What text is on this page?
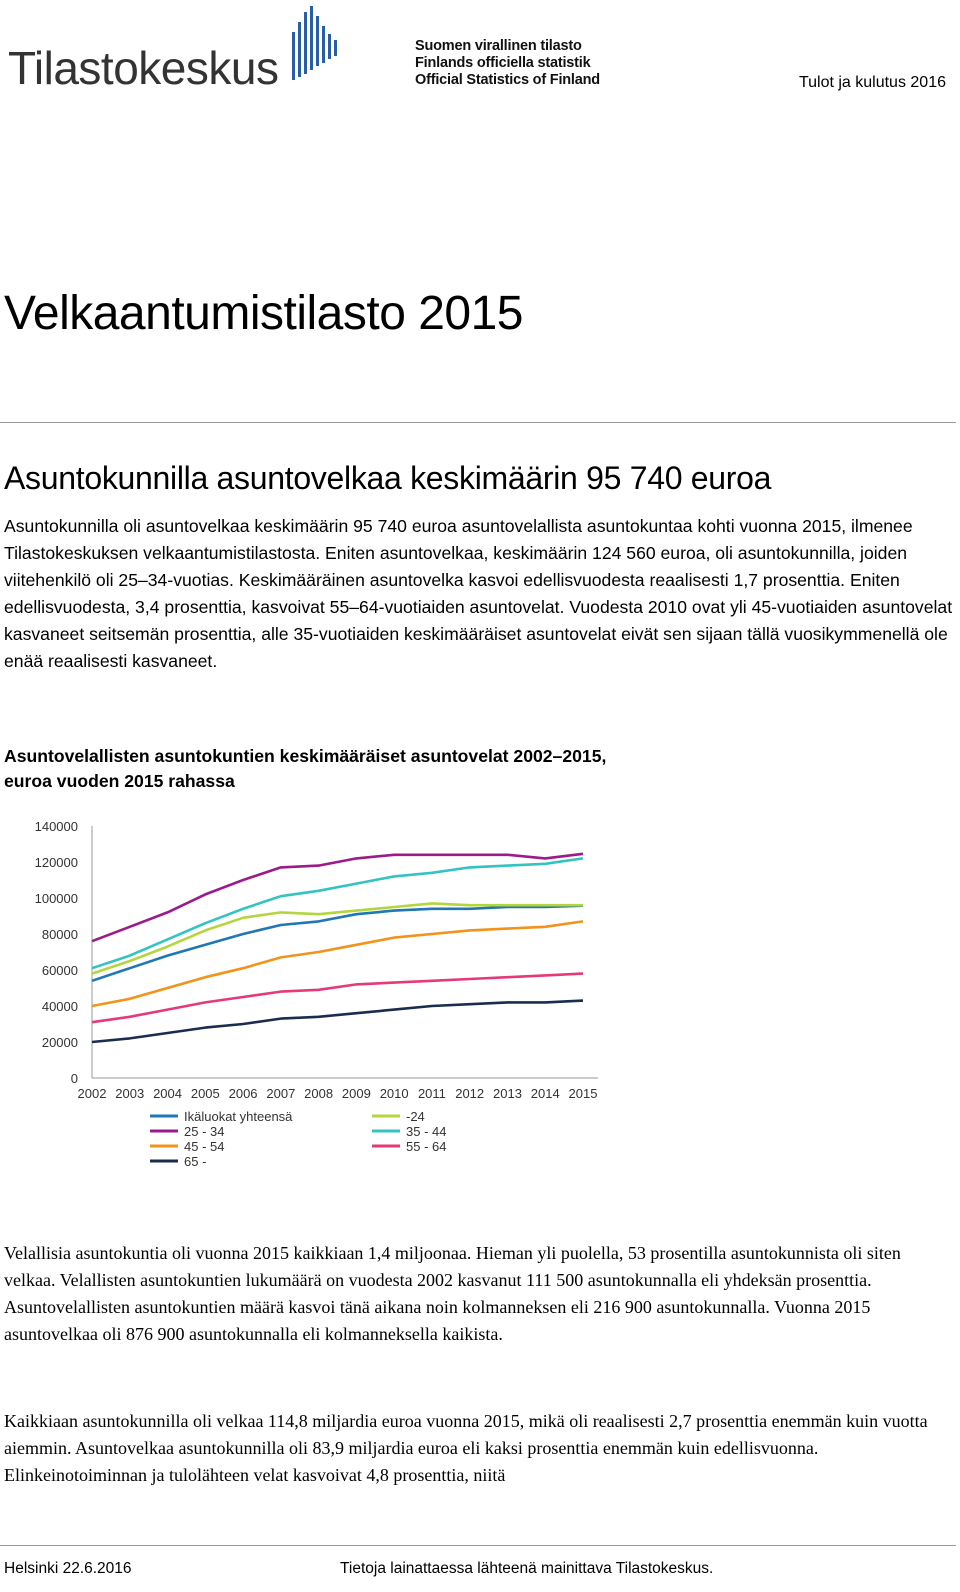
Tilastokeskus	Suomen virallinen tilasto
Finlands officiella statistik
Official Statistics of Finland	Tulot ja kulutus 2016
Velkaantumistilasto 2015
Asuntokunnilla asuntovelkaa keskimäärin 95 740 euroa

Asuntokunnilla oli asuntovelkaa keskimäärin 95 740 euroa asuntovelallista asuntokuntaa kohti vuonna 2015, ilmenee Tilastokeskuksen velkaantumistilastosta. Eniten asuntovelkaa, keskimäärin 124 560 euroa, oli asuntokunnilla, joiden viitehenkilö oli 25–34-vuotias. Keskimääräinen asuntovelka kasvoi edellisvuodesta reaalisesti 1,7 prosenttia. Eniten edellisvuodesta, 3,4 prosenttia, kasvoivat 55–64-vuotiaiden asuntovelat. Vuodesta 2010 ovat yli 45-vuotiaiden asuntovelat kasvaneet seitsemän prosenttia, alle 35-vuotiaiden keskimääräiset asuntovelat eivät sen sijaan tällä vuosikymmenellä ole enää reaalisesti kasvaneet.

Asuntovelallisten asuntokuntien keskimääräiset asuntovelat 2002–2015, euroa vuoden 2015 rahassa

0
20000
40000
60000
80000
100000
120000
140000
2002 2003 2004 2005 2006 2007 2008 2009 2010 2011 2012 2013 2014 2015
Ikäluokat yhteensä	-24
25 - 34	35 - 44
45 - 54	55 - 64
65 -

Velallisia asuntokuntia oli vuonna 2015 kaikkiaan 1,4 miljoonaa. Hieman yli puolella, 53 prosentilla asuntokunnista oli siten velkaa. Velallisten asuntokuntien lukumäärä on vuodesta 2002 kasvanut 111 500 asuntokunnalla eli yhdeksän prosenttia. Asuntovelallisten asuntokuntien määrä kasvoi tänä aikana noin kolmanneksen eli 216 900 asuntokunnalla. Vuonna 2015 asuntovelkaa oli 876 900 asuntokunnalla eli kolmanneksella kaikista.

Kaikkiaan asuntokunnilla oli velkaa 114,8 miljardia euroa vuonna 2015, mikä oli reaalisesti 2,7 prosenttia enemmän kuin vuotta aiemmin. Asuntovelkaa asuntokunnilla oli 83,9 miljardia euroa eli kaksi prosenttia enemmän kuin edellisvuonna. Elinkeinotoiminnan ja tulolähteen velat kasvoivat 4,8 prosenttia, niitä

Helsinki 22.6.2016	Tietoja lainattaessa lähteenä mainittava Tilastokeskus.
